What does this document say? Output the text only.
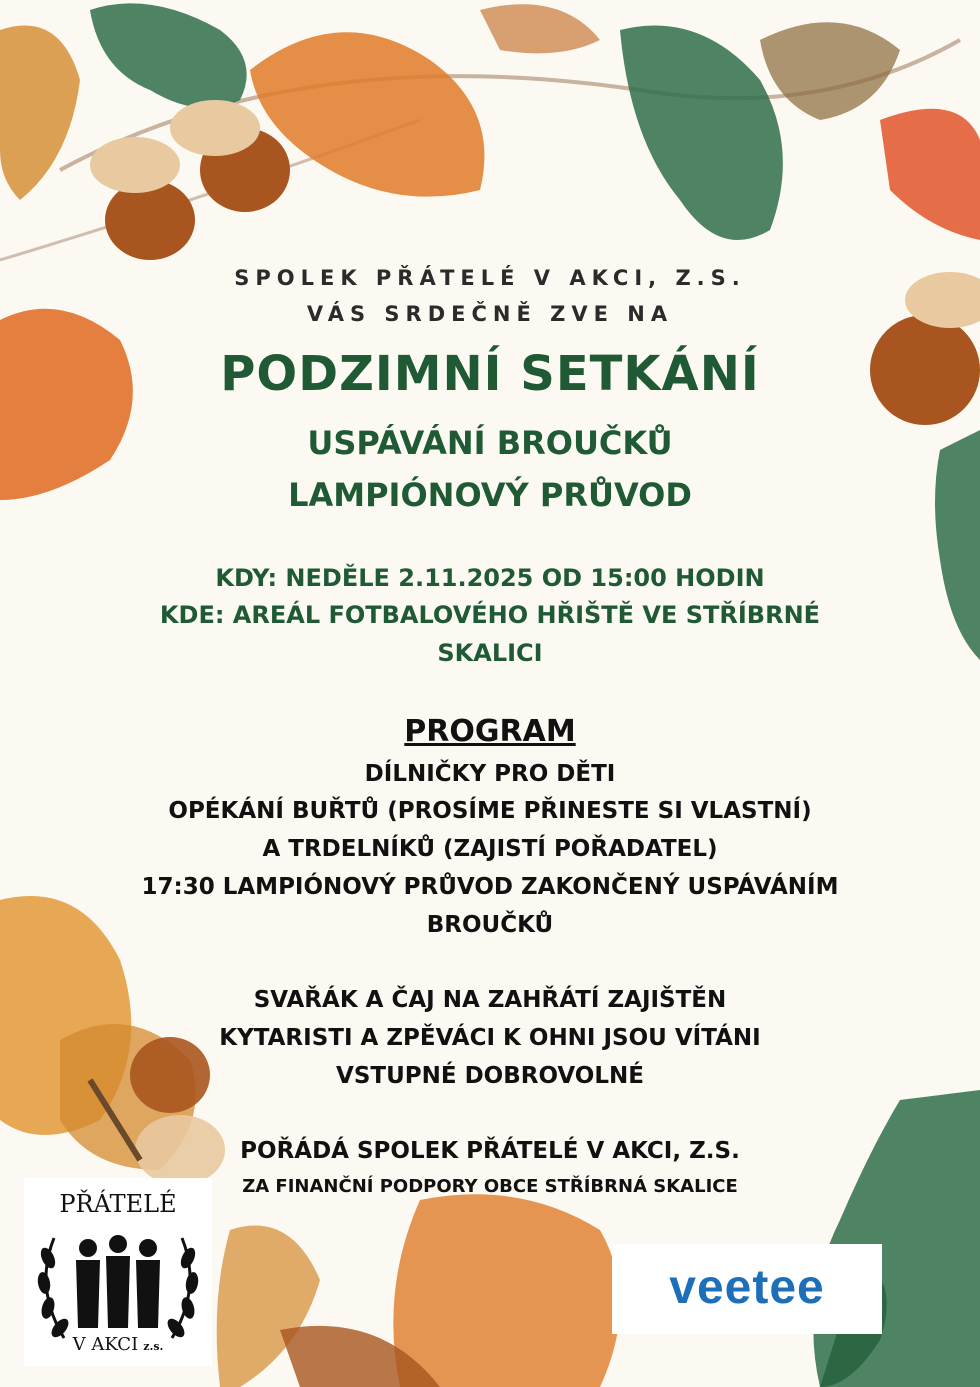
SPOLEK PŘÁTELÉ V AKCI, Z.S.

VÁS SRDEČNĚ ZVE NA

PODZIMNÍ SETKÁNÍ
USPÁVÁNÍ BROUČKŮ
LAMPIÓNOVÝ PRŮVOD

KDY: NEDĚLE 2.11.2025 OD 15:00 HODIN

KDE: AREÁL FOTBALOVÉHO HŘIŠTĚ VE STŘÍBRNÉ

SKALICI

PROGRAM

DÍLNIČKY PRO DĚTI

OPÉKÁNÍ BUŘTŮ (PROSÍME PŘINESTE SI VLASTNÍ)

A TRDELNÍKŮ (ZAJISTÍ POŘADATEL)

17:30 LAMPIÓNOVÝ PRŮVOD ZAKONČENÝ USPÁVÁNÍM

BROUČKŮ

SVAŘÁK A ČAJ NA ZAHŘÁTÍ ZAJIŠTĚN

KYTARISTI A ZPĚVÁCI K OHNI JSOU VÍTÁNI

VSTUPNÉ DOBROVOLNÉ

POŘÁDÁ SPOLEK PŘÁTELÉ V AKCI, Z.S.

ZA FINANČNÍ PODPORY OBCE STŘÍBRNÁ SKALICE

PŘÁTELÉ
V AKCI z.s.
veetee
